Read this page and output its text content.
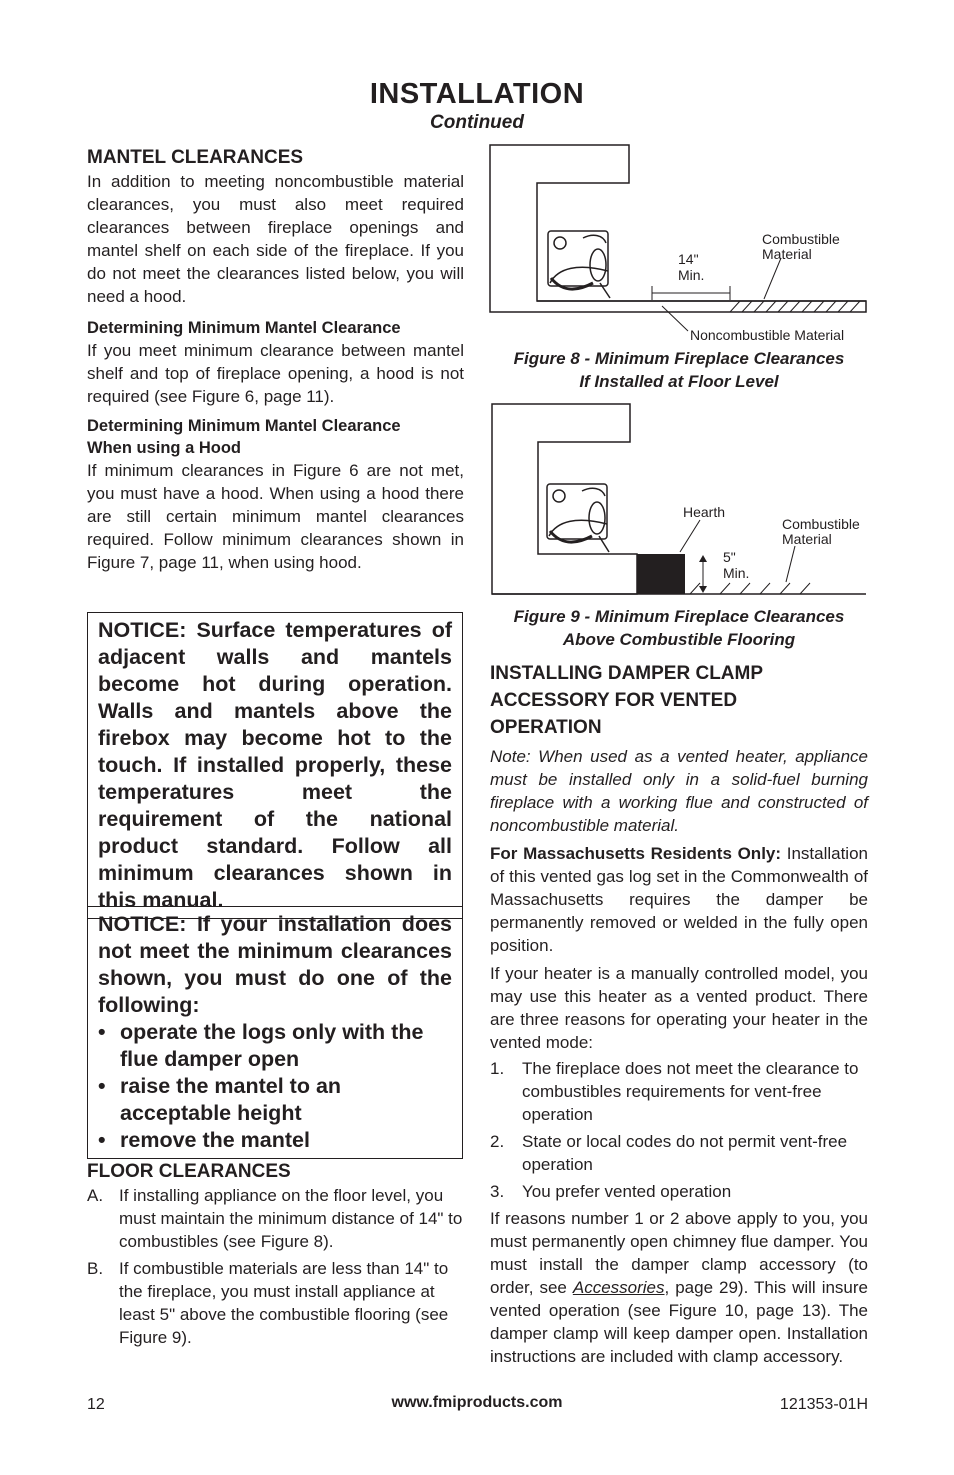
INSTALLATION
Continued
MANTEL CLEARANCES

In addition to meeting noncombustible material clearances, you must also meet required clearances between fireplace openings and mantel shelf on each side of the fireplace. If you do not meet the clearances listed below, you will need a hood.

Determining Minimum Mantel Clearance

If you meet minimum clearance between mantel shelf and top of fireplace opening, a hood is not required (see Figure 6, page 11).

Determining Minimum Mantel Clearance
When using a Hood

If minimum clearances in Figure 6 are not met, you must have a hood. When using a hood there are still certain minimum mantel clearances required. Follow minimum clearances shown in Figure 7, page 11, when using hood.

NOTICE: Surface temperatures of adjacent walls and mantels become hot during operation. Walls and mantels above the firebox may become hot to the touch. If installed properly, these temperatures meet the requirement of the national product standard. Follow all minimum clearances shown in this manual.
NOTICE: If your installation does not meet the minimum clearances shown, you must do one of the following:
• operate the logs only with the flue damper open
• raise the mantel to an acceptable height
• remove the mantel
FLOOR CLEARANCES
A. If installing appliance on the floor level, you must maintain the minimum distance of 14" to combustibles (see Figure 8).
B. If combustible materials are less than 14" to the fireplace, you must install appliance at least 5" above the combustible flooring (see Figure 9).
14"
Min.
Combustible
Material
Noncombustible Material
Figure 8 - Minimum Fireplace Clearances
If Installed at Floor Level
Hearth
5"
Min.
Combustible
Material
Figure 9 - Minimum Fireplace Clearances
Above Combustible Flooring
INSTALLING DAMPER CLAMP
ACCESSORY FOR VENTED
OPERATION

Note: When used as a vented heater, appliance must be installed only in a solid-fuel burning fireplace with a working flue and constructed of noncombustible material.

For Massachusetts Residents Only: Installation of this vented gas log set in the Commonwealth of Massachusetts requires the damper be permanently removed or welded in the fully open position.

If your heater is a manually controlled model, you may use this heater as a vented product. There are three reasons for operating your heater in the vented mode:

1. The fireplace does not meet the clearance to combustibles requirements for vent-free operation
2. State or local codes do not permit vent-free operation
3. You prefer vented operation

If reasons number 1 or 2 above apply to you, you must permanently open chimney flue damper. You must install the damper clamp accessory (to order, see Accessories, page 29). This will insure vented operation (see Figure 10, page 13). The damper clamp will keep damper open. Installation instructions are included with clamp accessory.

12	www.fmiproducts.com	121353-01H
